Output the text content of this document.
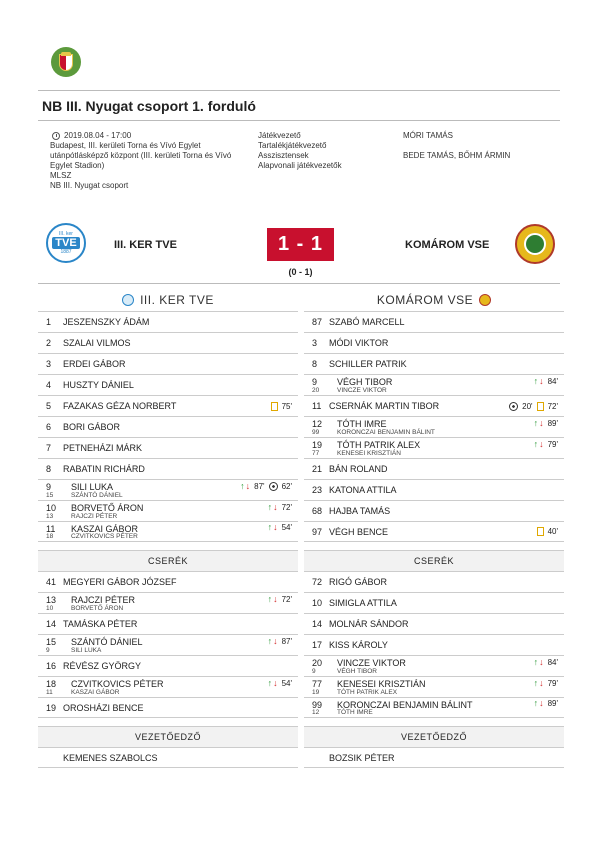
NB III. Nyugat csoport 1. forduló
2019.08.04 - 17:00
Budapest, III. kerületi Torna és Vívó Egylet utánpótlásképző központ (III. kerületi Torna és Vívó Egylet Stadion)
MLSZ
NB III. Nyugat csoport
Játékvezető
Tartalékjátékvezető
Asszisztensek
Alapvonali játékvezetők
MÓRI TAMÁS
BEDE TAMÁS, BŐHM ÁRMIN
III. ker
TVE
1887
III. KER TVE	1 - 1
(0 - 1)
KOMÁROM VSE
III. KER TVE
1	JESZENSZKY ÁDÁM
2	SZALAI VILMOS
3	ERDEI GÁBOR
4	HUSZTY DÁNIEL
5	FAZAKAS GÉZA NORBERT	75'
6	BORI GÁBOR
7	PETNEHÁZI MÁRK
8	RABATIN RICHÁRD
9	SILI LUKA
15	SZÁNTÓ DÁNIEL
↑ ↓ 87' 62'
10	BORVETŐ ÁRON
13	RAJCZI PÉTER
↑ ↓ 72'
11	KASZAI GÁBOR
18	CZVITKOVICS PÉTER
↑ ↓ 54'
CSERÉK
41 MEGYERI GÁBOR JÓZSEF
13	RAJCZI PÉTER
10	BORVETŐ ÁRON
↑ ↓ 72'
14 TAMÁSKA PÉTER
15	SZÁNTÓ DÁNIEL
9	SILI LUKA
↑ ↓ 87'
16 RÉVÉSZ GYÖRGY
18	CZVITKOVICS PÉTER
11	KASZAI GÁBOR
↑ ↓ 54'
19 OROSHÁZI BENCE
VEZETŐEDZŐ
KEMENES SZABOLCS
KOMÁROM VSE
87 SZABÓ MARCELL
3	MÓDI VIKTOR
8	SCHILLER PATRIK
9	VÉGH TIBOR
20	VINCZE VIKTOR
↑ ↓ 84'
11 CSERNÁK MARTIN TIBOR	20' 72'
12	TÓTH IMRE
99	KORONCZAI BENJAMIN BÁLINT
↑ ↓ 89'
19	TÓTH PATRIK ALEX
77	KENESEI KRISZTIÁN
↑ ↓ 79'
21 BÁN ROLAND
23 KATONA ATTILA
68 HAJBA TAMÁS
97 VÉGH BENCE	40'
CSERÉK
72 RIGÓ GÁBOR
10 SIMIGLA ATTILA
14 MOLNÁR SÁNDOR
17 KISS KÁROLY
20	VINCZE VIKTOR
9	VÉGH TIBOR
↑ ↓ 84'
77	KENESEI KRISZTIÁN
19	TÓTH PATRIK ALEX
↑ ↓ 79'
99	KORONCZAI BENJAMIN BÁLINT
12	TÓTH IMRE
↑ ↓ 89'
VEZETŐEDZŐ
BOZSIK PÉTER
